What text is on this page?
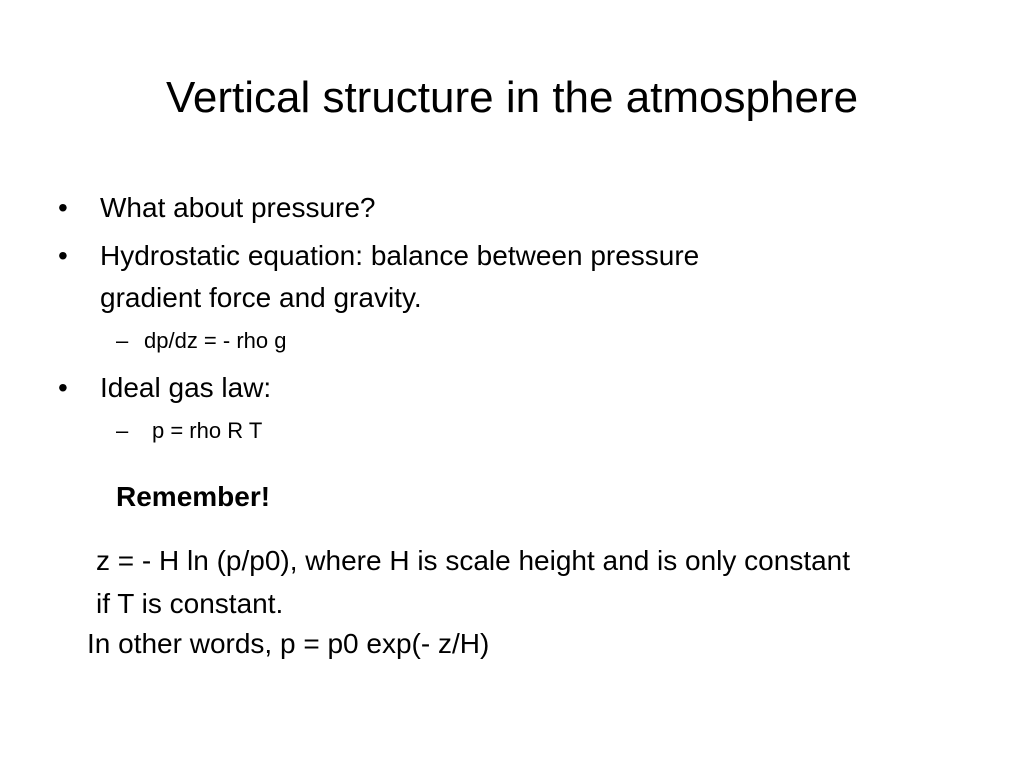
Vertical structure in the atmosphere
•	What about pressure?
•	Hydrostatic equation: balance between pressure
gradient force and gravity.
– dp/dz = - rho g
•	Ideal gas law:
– p = rho R T
Remember!
z = - H ln (p/p0), where H is scale height and is only constant
if T is constant.
In other words, p = p0 exp(- z/H)
